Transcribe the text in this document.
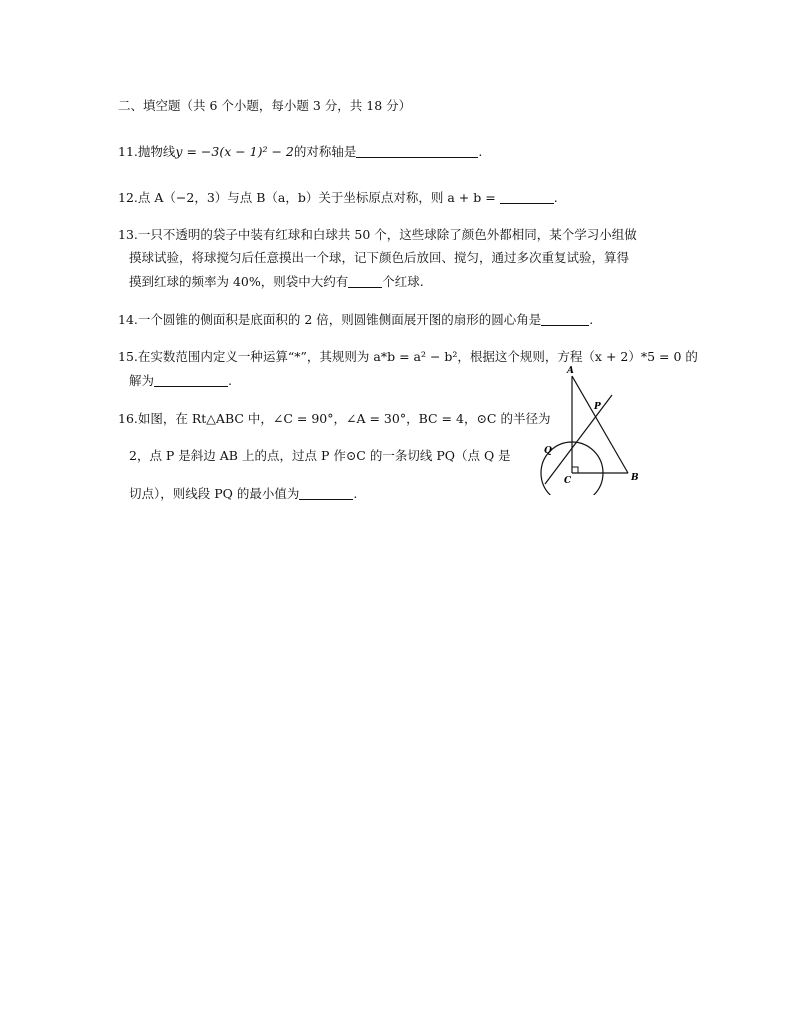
二、填空题（共 6 个小题，每小题 3 分，共 18 分）
11.抛物线y = −3(x − 1)² − 2的对称轴是	.
12.点 A（−2，3）与点 B（a，b）关于坐标原点对称，则 a + b =	.
13.一只不透明的袋子中装有红球和白球共 50 个，这些球除了颜色外都相同，某个学习小组做
摸球试验，将球搅匀后任意摸出一个球，记下颜色后放回、搅匀，通过多次重复试验，算得
摸到红球的频率为 40%，则袋中大约有	个红球.
14.一个圆锥的侧面积是底面积的 2 倍，则圆锥侧面展开图的扇形的圆心角是	.
15.在实数范围内定义一种运算“*”，其规则为 a*b = a² − b²，根据这个规则，方程（x + 2）*5 = 0 的
解为	.
16.如图，在 Rt△ABC 中，∠C = 90°，∠A = 30°，BC = 4，⊙C 的半径为
2，点 P 是斜边 AB 上的点，过点 P 作⊙C 的一条切线 PQ（点 Q 是
切点），则线段 PQ 的最小值为	.
A
P
Q
C	B
